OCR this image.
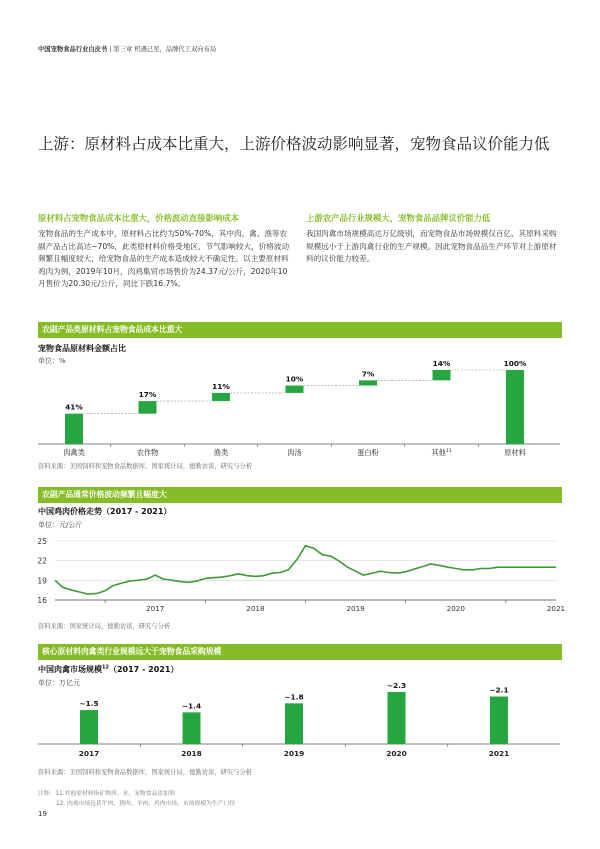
中国宠物食品行业白皮书 | 第三章 机遇已至，品牌代工双向布局
上游：原材料占成本比重大，上游价格波动影响显著，宠物食品议价能力低
原材料占宠物食品成本比重大，价格波动直接影响成本
宠物食品的生产成本中，原材料占比约为50%-70%，其中肉、禽、渔等农副产品占比高达~70%，此类原材料价格受地区、节气影响较大，价格波动频繁且幅度较大，给宠物食品的生产成本造成较大不确定性。以主要原材料鸡肉为例，2019年10月，肉鸡集贸市场售价为24.37元/公斤，2020年10月售价为20.30元/公斤，同比下跌16.7%。
上游农产品行业规模大，宠物食品品牌议价能力低
我国肉禽市场规模高达万亿级别，而宠物食品市场规模仅百亿，其原料采购规模远小于上游肉禽行业的生产规模。因此宠物食品品生产环节对上游原材料的议价能力较差。
农副产品类原材料占宠物食品成本比重大
宠物食品原材料金额占比
单位：%
41%
肉禽类
17%
农作物
11%
渔类
10%
肉汤
7%
蛋白粉
14%
其他$^{11}$
100%
原材料
资料来源：美国饲料和宠物食品数据库，国家统计局，德勤访谈，研究与分析
农副产品通常价格波动频繁且幅度大
中国鸡肉价格走势（2017 - 2021）
单位：元/公斤
16
19
22
25
2017	2018	2019	2020	2021
资料来源：国家统计局，德勤访谈，研究与分析
核心原材料肉禽类行业规模远大于宠物食品采购规模
中国肉禽市场规模$^{12}$（2017 - 2021）
单位：万亿元
~1.5
2017
~1.4
2018
~1.8
2019
~2.3
2020
~2.1
2021
资料来源：美国饲料和宠物食品数据库，国家统计局，德勤访谈，研究与分析
注释：11.其他原材料指矿物质、水、宠物食品添加剂
12. 肉禽市场包括牛肉、猪肉、羊肉、鸡肉市场，市场规模为生产口径
19
